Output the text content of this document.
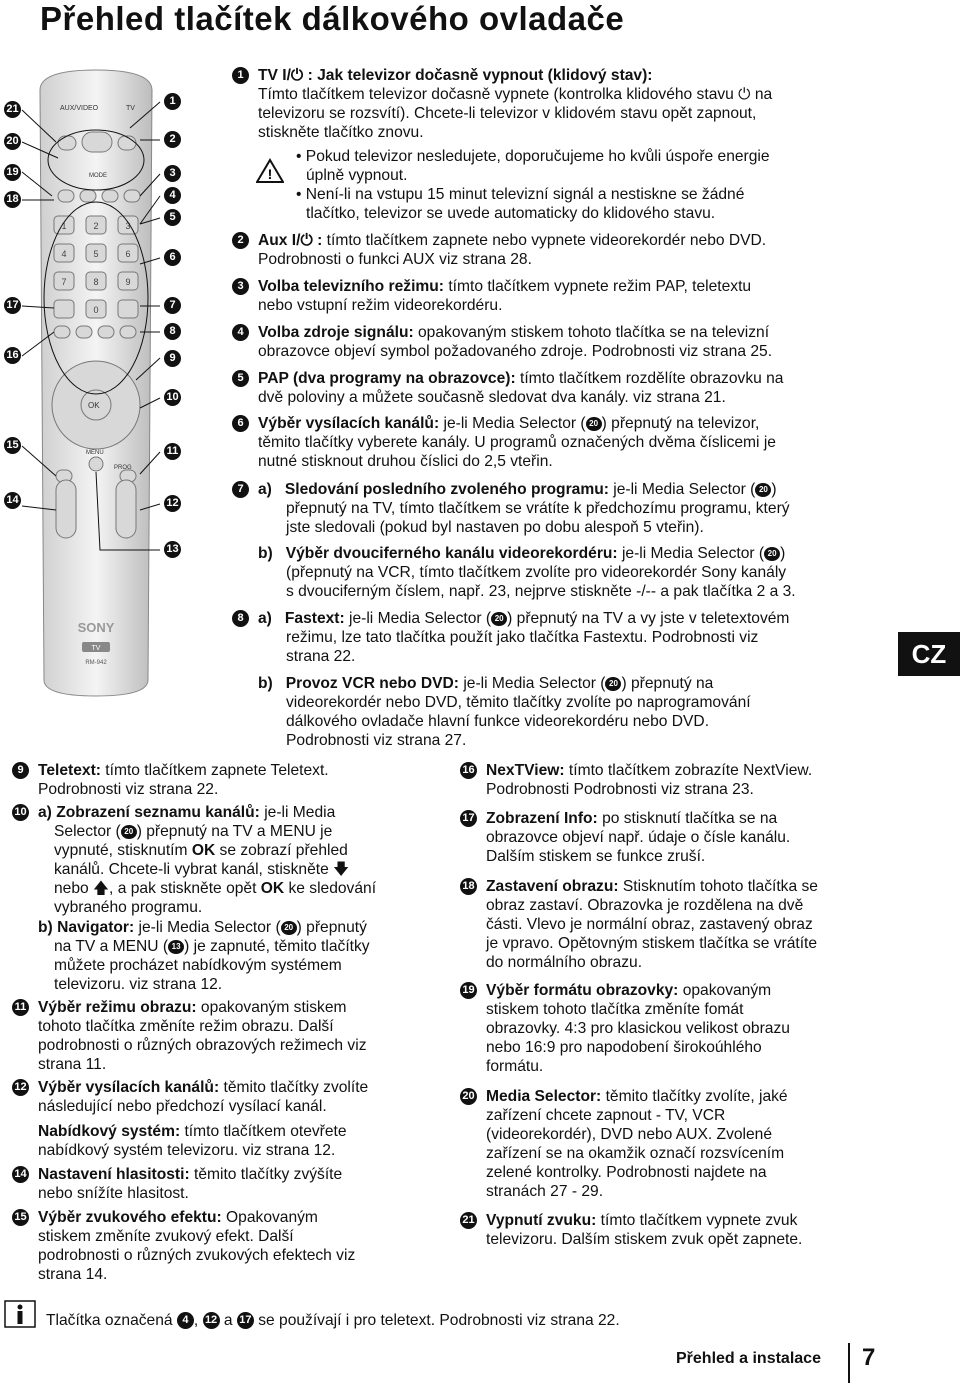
Přehled tlačítek dálkového ovladače
AUX/VIDEO	TV
MODE
OK
MENU
PROG
1	2	3
4	5	6
7	8	9
0
SONY
TV
RM-942
21
20
19
18
17
16
15
14
1
2
3
4
5
6
7
8
9
10
11
12
13
1 TV I/⏻ : Jak televizor dočasně vypnout (klidový stav):
Tímto tlačítkem televizor dočasně vypnete (kontrolka klidového stavu ⏻ na
televizoru se rozsvítí). Chcete-li televizor v klidovém stavu opět zapnout,
stiskněte tlačítko znovu.
!
• Pokud televizor nesledujete, doporučujeme ho kvůli úspoře energie
úplně vypnout.
• Není-li na vstupu 15 minut televizní signál a nestiskne se žádné
tlačítko, televizor se uvede automaticky do klidového stavu.
2 Aux I/⏻ : tímto tlačítkem zapnete nebo vypnete videorekordér nebo DVD.
Podrobnosti o funkci AUX viz strana 28.
3 Volba televizního režimu: tímto tlačítkem vypnete režim PAP, teletextu
nebo vstupní režim videorekordéru.
4 Volba zdroje signálu: opakovaným stiskem tohoto tlačítka se na televizní
obrazovce objeví symbol požadovaného zdroje. Podrobnosti viz strana 25.
5 PAP (dva programy na obrazovce): tímto tlačítkem rozdělíte obrazovku na
dvě poloviny a můžete současně sledovat dva kanály. viz strana 21.
6 Výběr vysílacích kanálů: je-li Media Selector ( 20 ) přepnutý na televizor,
těmito tlačítky vyberete kanály. U programů označených dvěma číslicemi je
nutné stisknout druhou číslici do 2,5 vteřin.
7 a) Sledování posledního zvoleného programu: je-li Media Selector ( 20 )
přepnutý na TV, tímto tlačítkem se vrátíte k předchozímu programu, který
jste sledovali (pokud byl nastaven po dobu alespoň 5 vteřin).
b) Výběr dvouciferného kanálu videorekordéru: je-li Media Selector ( 20 )
(přepnutý na VCR, tímto tlačítkem zvolíte pro videorekordér Sony kanály
s dvouciferným číslem, např. 23, nejprve stiskněte -/-- a pak tlačítka 2 a 3.
8 a) Fastext: je-li Media Selector ( 20 ) přepnutý na TV a vy jste v teletextovém
režimu, lze tato tlačítka použít jako tlačítka Fastextu. Podrobnosti viz
strana 22.
b) Provoz VCR nebo DVD: je-li Media Selector ( 20 ) přepnutý na
videorekordér nebo DVD, těmito tlačítky zvolíte po naprogramování
dálkového ovladače hlavní funkce videorekordéru nebo DVD.
Podrobnosti viz strana 27.
9 Teletext: tímto tlačítkem zapnete Teletext.
Podrobnosti viz strana 22.
10 a) Zobrazení seznamu kanálů: je-li Media
Selector ( 20 ) přepnutý na TV a MENU je
vypnuté, stisknutím OK se zobrazí přehled
kanálů. Chcete-li vybrat kanál, stiskněte 🡇
nebo 🡅, a pak stiskněte opět OK ke sledování
vybraného programu.
b) Navigator: je-li Media Selector ( 20 ) přepnutý
na TV a MENU ( 13 ) je zapnuté, těmito tlačítky
můžete procházet nabídkovým systémem
televizoru. viz strana 12.
11 Výběr režimu obrazu: opakovaným stiskem
tohoto tlačítka změníte režim obrazu. Další
podrobnosti o různých obrazových režimech viz
strana 11.
12 Výběr vysílacích kanálů: těmito tlačítky zvolíte
následující nebo předchozí vysílací kanál.
Nabídkový systém: tímto tlačítkem otevřete
nabídkový systém televizoru. viz strana 12.
14 Nastavení hlasitosti: těmito tlačítky zvýšíte
nebo snížíte hlasitost.
15 Výběr zvukového efektu: Opakovaným
stiskem změníte zvukový efekt. Další
podrobnosti o různých zvukových efektech viz
strana 14.
16 NexTView: tímto tlačítkem zobrazíte NextView.
Podrobnosti Podrobnosti viz strana 23.
17 Zobrazení Info: po stisknutí tlačítka se na
obrazovce objeví např. údaje o čísle kanálu.
Dalším stiskem se funkce zruší.
18 Zastavení obrazu: Stisknutím tohoto tlačítka se
obraz zastaví. Obrazovka je rozdělena na dvě
části. Vlevo je normální obraz, zastavený obraz
je vpravo. Opětovným stiskem tlačítka se vrátíte
do normálního obrazu.
19 Výběr formátu obrazovky: opakovaným
stiskem tohoto tlačítka změníte fomát
obrazovky. 4:3 pro klasickou velikost obrazu
nebo 16:9 pro napodobení širokoúhlého
formátu.
20 Media Selector: těmito tlačítky zvolíte, jaké
zařízení chcete zapnout - TV, VCR
(videorekordér), DVD nebo AUX. Zvolené
zařízení se na okamžik označí rozsvícením
zelené kontrolky. Podrobnosti najdete na
stranách 27 - 29.
21 Vypnutí zvuku: tímto tlačítkem vypnete zvuk
televizoru. Dalším stiskem zvuk opět zapnete.
CZ
Tlačítka označená 4 , 12 a 17 se používají i pro teletext. Podrobnosti viz strana 22.
Přehled a instalace 7
